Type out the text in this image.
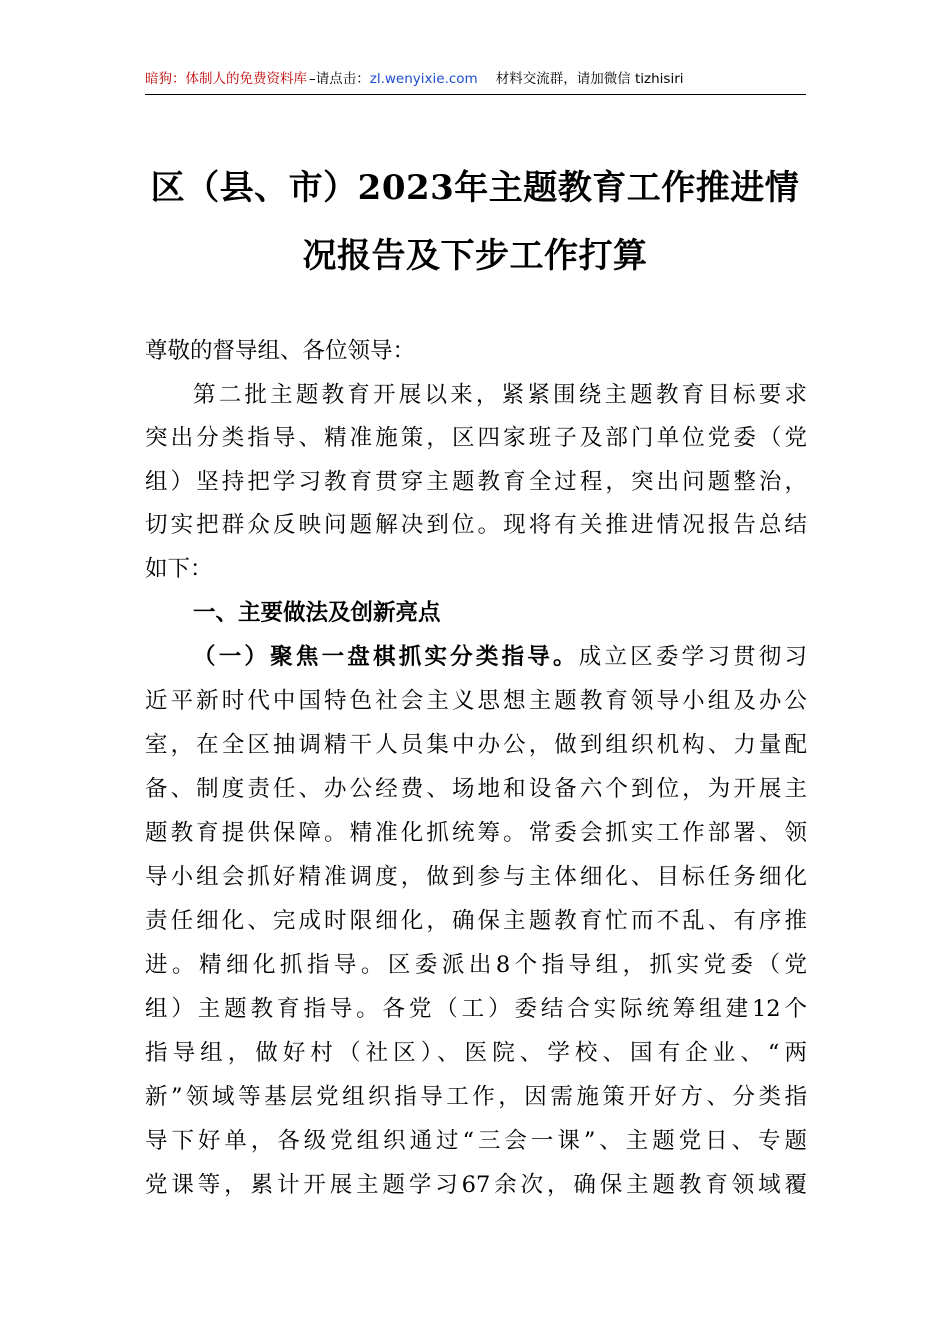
暗狗：体制人的免费资料库 –请点击： zl.wenyixie.com 材料交流群，请加微信 tizhisiri
区（县、市）2023年主题教育工作推进情
况报告及下步工作打算
尊敬的督导组、各位领导：
第二批主题教育开展以来，紧紧围绕主题教育目标要求
突出分类指导、精准施策，区四家班子及部门单位党委（党
组）坚持把学习教育贯穿主题教育全过程，突出问题整治，
切实把群众反映问题解决到位。现将有关推进情况报告总结
如下：
一、主要做法及创新亮点
（一）聚焦一盘棋抓实分类指导。成立区委学习贯彻习
近平新时代中国特色社会主义思想主题教育领导小组及办公
室，在全区抽调精干人员集中办公，做到组织机构、力量配
备、制度责任、办公经费、场地和设备六个到位，为开展主
题教育提供保障。精准化抓统筹。常委会抓实工作部署、领
导小组会抓好精准调度，做到参与主体细化、目标任务细化
责任细化、完成时限细化，确保主题教育忙而不乱、有序推
进。精细化抓指导。区委派出8个指导组，抓实党委（党
组）主题教育指导。各党（工）委结合实际统筹组建12个
指导组，做好村（社区）、医院、学校、国有企业、“两
新”领域等基层党组织指导工作，因需施策开好方、分类指
导下好单，各级党组织通过“三会一课”、主题党日、专题
党课等，累计开展主题学习67余次，确保主题教育领域覆
